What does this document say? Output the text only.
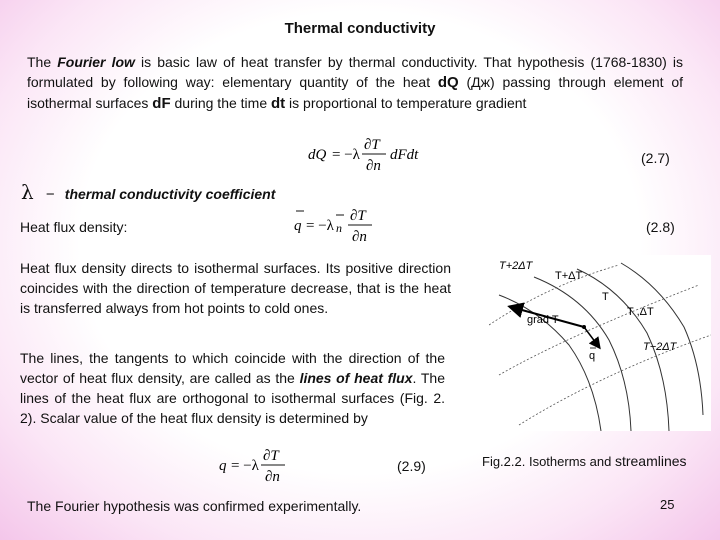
Thermal conductivity
The Fourier low is basic law of heat transfer by thermal conductivity. That hypothesis (1768-1830) is formulated by following way: elementary quantity of the heat dQ (Дж) passing through element of isothermal surfaces dF during the time dt is proportional to temperature gradient
dQ = −λ
∂T
∂n
dFdt	(2.7)
λ − thermal conductivity coefficient
Heat flux density:	q = −λ n
∂T
∂n
(2.8)
Heat flux density directs to isothermal surfaces. Its positive direction coincides with the direction of temperature decrease, that is the heat is transferred always from hot points to cold ones.
The lines, the tangents to which coincide with the direction of the vector of heat flux density, are called as the lines of heat flux. The lines of the heat flux are orthogonal to isothermal surfaces (Fig. 2. 2). Scalar value of the heat flux density is determined by
q = −λ
∂T
∂n
(2.9)
The Fourier hypothesis was confirmed experimentally.
T+2ΔT
T+ΔT
T
T ,ΔT
grad T
q
T−2ΔT
Fig.2.2. Isotherms and streamlines
25
